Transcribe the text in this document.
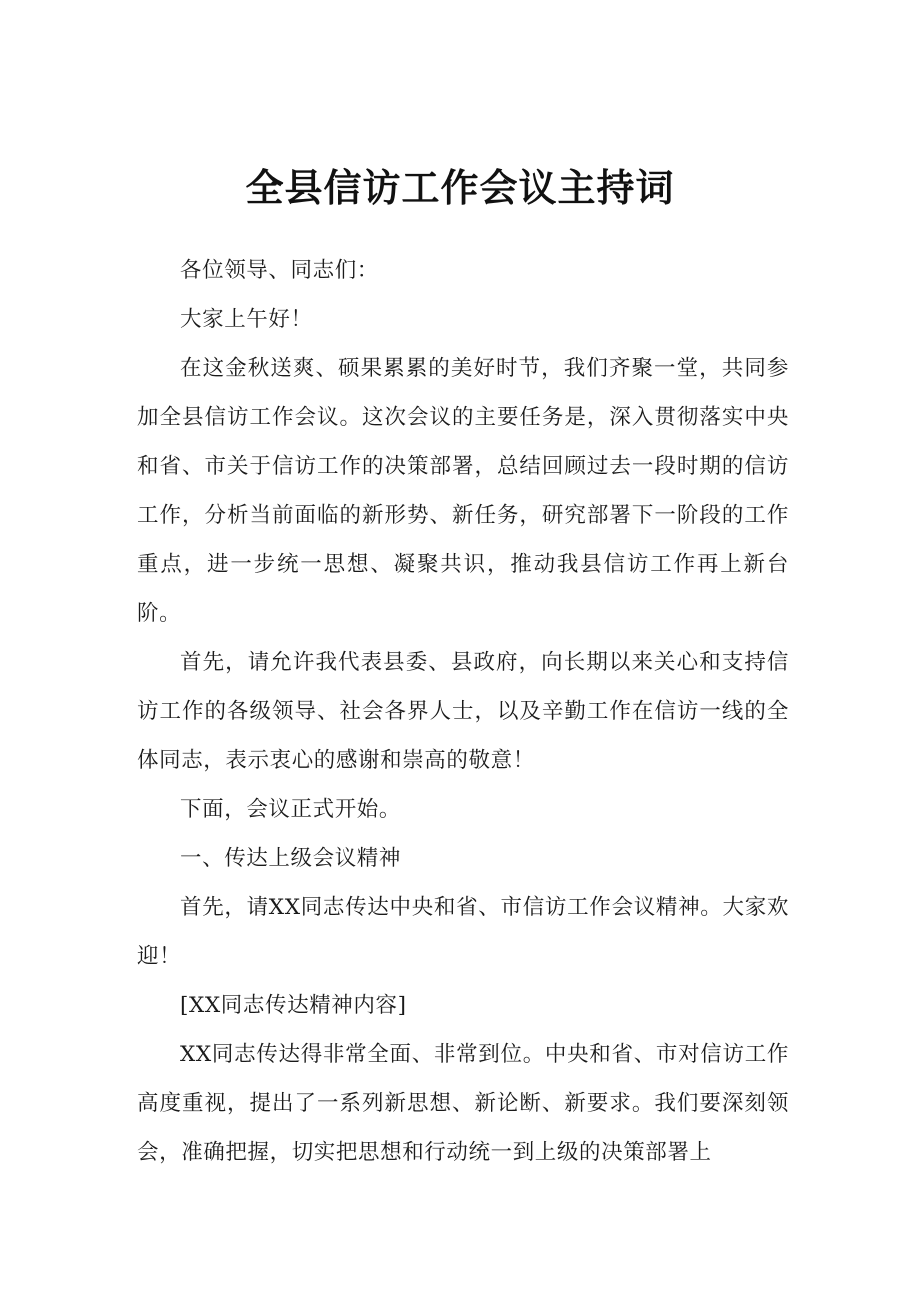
全县信访工作会议主持词

各位领导、同志们：

大家上午好！

在这金秋送爽、硕果累累的美好时节，我们齐聚一堂，共同参加全县信访工作会议。这次会议的主要任务是，深入贯彻落实中央和省、市关于信访工作的决策部署，总结回顾过去一段时期的信访工作，分析当前面临的新形势、新任务，研究部署下一阶段的工作重点，进一步统一思想、凝聚共识，推动我县信访工作再上新台阶。

首先，请允许我代表县委、县政府，向长期以来关心和支持信访工作的各级领导、社会各界人士，以及辛勤工作在信访一线的全体同志，表示衷心的感谢和崇高的敬意！

下面，会议正式开始。

一、传达上级会议精神

首先，请XX同志传达中央和省、市信访工作会议精神。大家欢迎！

[XX同志传达精神内容]

XX同志传达得非常全面、非常到位。中央和省、市对信访工作高度重视，提出了一系列新思想、新论断、新要求。我们要深刻领会，准确把握，切实把思想和行动统一到上级的决策部署上
